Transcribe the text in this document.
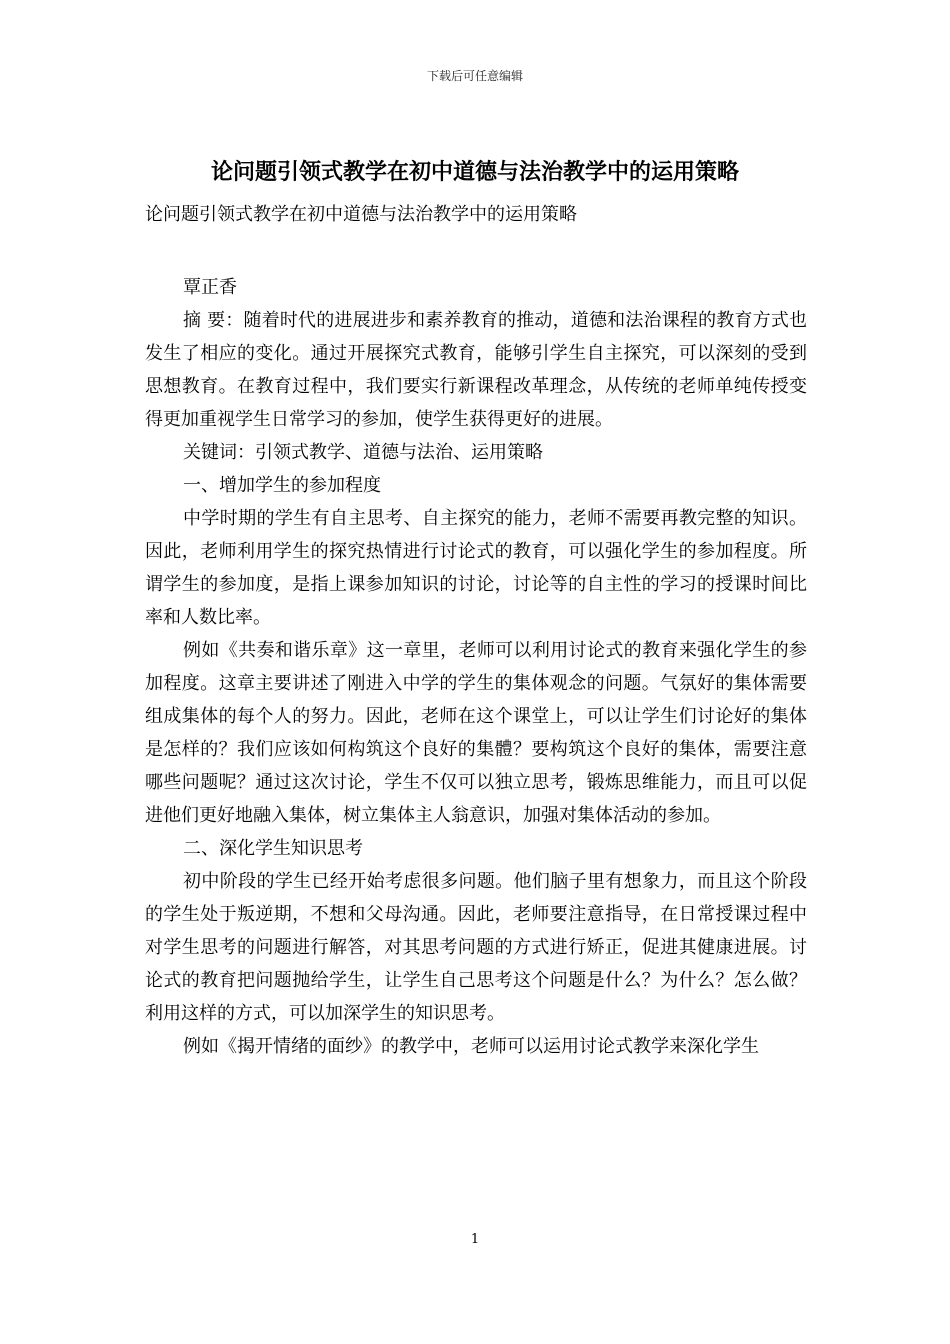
下载后可任意编辑
论问题引领式教学在初中道德与法治教学中的运用策略

论问题引领式教学在初中道德与法治教学中的运用策略

覃正香

摘 要：随着时代的进展进步和素养教育的推动，道德和法治课程的教育方式也发生了相应的变化。通过开展探究式教育，能够引学生自主探究，可以深刻的受到思想教育。在教育过程中，我们要实行新课程改革理念，从传统的老师单纯传授变得更加重视学生日常学习的参加，使学生获得更好的进展。

关键词：引领式教学、道德与法治、运用策略

一、增加学生的参加程度

中学时期的学生有自主思考、自主探究的能力，老师不需要再教完整的知识。因此，老师利用学生的探究热情进行讨论式的教育，可以强化学生的参加程度。所谓学生的参加度，是指上课参加知识的讨论，讨论等的自主性的学习的授课时间比率和人数比率。

例如《共奏和谐乐章》这一章里，老师可以利用讨论式的教育来强化学生的参加程度。这章主要讲述了刚进入中学的学生的集体观念的问题。气氛好的集体需要组成集体的每个人的努力。因此，老师在这个课堂上，可以让学生们讨论好的集体是怎样的？我们应该如何构筑这个良好的集體？要构筑这个良好的集体，需要注意哪些问题呢？通过这次讨论，学生不仅可以独立思考，锻炼思维能力，而且可以促进他们更好地融入集体，树立集体主人翁意识，加强对集体活动的参加。

二、深化学生知识思考

初中阶段的学生已经开始考虑很多问题。他们脑子里有想象力，而且这个阶段的学生处于叛逆期，不想和父母沟通。因此，老师要注意指导，在日常授课过程中对学生思考的问题进行解答，对其思考问题的方式进行矫正，促进其健康进展。讨论式的教育把问题抛给学生，让学生自己思考这个问题是什么？为什么？怎么做？利用这样的方式，可以加深学生的知识思考。

例如《揭开情绪的面纱》的教学中，老师可以运用讨论式教学来深化学生

1
